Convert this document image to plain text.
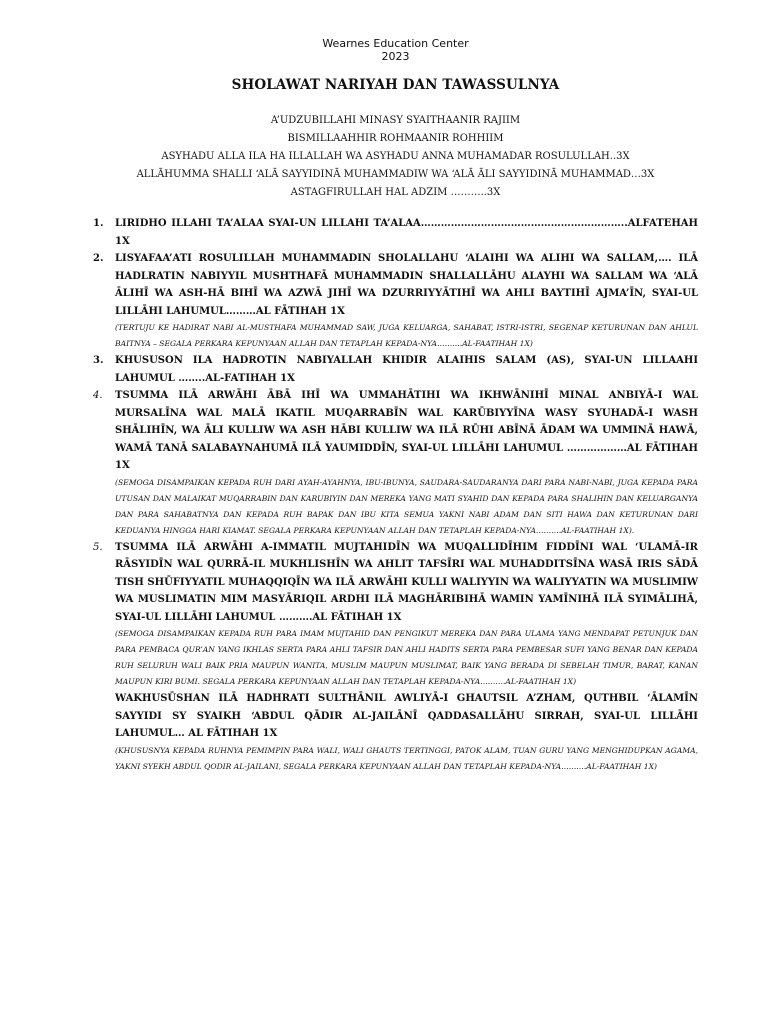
Wearnes Education Center
2023
SHOLAWAT NARIYAH DAN TAWASSULNYA
A’UDZUBILLAHI MINASY SYAITHAANIR RAJIIM
BISMILLAAHHIR ROHMAANIR ROHHIIM
ASYHADU ALLA ILA HA ILLALLAH WA ASYHADU ANNA MUHAMADAR ROSULULLAH..3X
ALLĀHUMMA SHALLI ‘ALĀ SAYYIDINĀ MUHAMMADIW WA ‘ALĀ ĀLI SAYYIDINĀ MUHAMMAD…3X
ASTAGFIRULLAH HAL ADZIM ………..3X
1. LIRIDHO ILLAHI TA’ALAA SYAI-UN LILLAHI TA’ALAA……………………………………………………..ALFATEHAH 1X
2. LISYAFAA’ATI ROSULILLAH MUHAMMADIN SHOLALLAHU ‘ALAIHI WA ALIHI WA SALLAM,…. ILĀ HADLRATIN NABIYYIL MUSHTHAFĀ MUHAMMADIN SHALLALLĀHU ALAYHI WA SALLAM WA ‘ALĀ ĀLIHĪ WA ASH-HĀ BIHĪ WA AZWĀ JIHĪ WA DZURRIYYĀTIHĪ WA AHLI BAYTIHĪ AJMA’ĪN, SYAI-UL LILLĀHI LAHUMUL………AL FĀTIHAH 1X
(TERTUJU KE HADIRAT NABI AL-MUSTHAFA MUHAMMAD SAW, JUGA KELUARGA, SAHABAT, ISTRI-ISTRI, SEGENAP KETURUNAN DAN AHLUL BAITNYA – SEGALA PERKARA KEPUNYAAN ALLAH DAN TETAPLAH KEPADA-NYA……….AL-FAATIHAH 1X)
3. KHUSUSON ILA HADROTIN NABIYALLAH KHIDIR ALAIHIS SALAM (AS), SYAI-UN LILLAAHI LAHUMUL ……..AL-FATIHAH 1X
4. TSUMMA ILĀ ARWĀHI ĀBĀ IHĪ WA UMMAHĀTIHI WA IKHWĀNIHĪ MINAL ANBIYĀ-I WAL MURSALĪNA WAL MALĀ IKATIL MUQARRABĪN WAL KARŪBIYYĪNA WASY SYUHADĀ-I WASH SHĀLIHĪN, WA ĀLI KULLIW WA ASH HĀBI KULLIW WA ILĀ RŪHI ABĪNĀ ĀDAM WA UMMINĀ HAWĀ, WAMĀ TANĀ SALABAYNAHUMĀ ILĀ YAUMIDDĪN, SYAI-UL LILLĀHI LAHUMUL ………………AL FĀTIHAH 1X
(SEMOGA DISAMPAIKAN KEPADA RUH DARI AYAH-AYAHNYA, IBU-IBUNYA, SAUDARA-SAUDARANYA DARI PARA NABI-NABI, JUGA KEPADA PARA UTUSAN DAN MALAIKAT MUQARRABIN DAN KARUBIYIN DAN MEREKA YANG MATI SYAHID DAN KEPADA PARA SHALIHIN DAN KELUARGANYA DAN PARA SAHABATNYA DAN KEPADA RUH BAPAK DAN IBU KITA SEMUA YAKNI NABI ADAM DAN SITI HAWA DAN KETURUNAN DARI KEDUANYA HINGGA HARI KIAMAT. SEGALA PERKARA KEPUNYAAN ALLAH DAN TETAPLAH KEPADA-NYA……….AL-FAATIHAH 1X).
5. TSUMMA ILĀ ARWĀHI A-IMMATIL MUJTAHIDĪN WA MUQALLIDĪHIM FIDDĪNI WAL ‘ULAMĀ-IR RĀSYIDĪN WAL QURRĀ-IL MUKHLISHĪN WA AHLIT TAFSĪRI WAL MUHADDITSĪNA WASĀ IRIS SĀDĀ TISH SHŪFIYYATIL MUHAQQIQĪN WA ILĀ ARWĀHI KULLI WALIYYIN WA WALIYYATIN WA MUSLIMIW WA MUSLIMATIN MIM MASYĀRIQIL ARDHI ILĀ MAGHĀRIBIHĀ WAMIN YAMĪNIHĀ ILĀ SYIMĀLIHĀ, SYAI-UL LILLĀHI LAHUMUL ……….AL FĀTIHAH 1X
(SEMOGA DISAMPAIKAN KEPADA RUH PARA IMAM MUJTAHID DAN PENGIKUT MEREKA DAN PARA ULAMA YANG MENDAPAT PETUNJUK DAN PARA PEMBACA QUR’AN YANG IKHLAS SERTA PARA AHLI TAFSIR DAN AHLI HADITS SERTA PARA PEMBESAR SUFI YANG BENAR DAN KEPADA RUH SELURUH WALI BAIK PRIA MAUPUN WANITA, MUSLIM MAUPUN MUSLIMAT, BAIK YANG BERADA DI SEBELAH TIMUR, BARAT, KANAN MAUPUN KIRI BUMI. SEGALA PERKARA KEPUNYAAN ALLAH DAN TETAPLAH KEPADA-NYA……….AL-FAATIHAH 1X)
WAKHUSŪSHAN ILĀ HADHRATI SULTHĀNIL AWLIYĀ-I GHAUTSIL A’ZHAM, QUTHBIL ‘ĀLAMĪN SAYYIDI SY SYAIKH ‘ABDUL QĀDIR AL-JAILĀNĪ QADDASALLĀHU SIRRAH, SYAI-UL LILLĀHI LAHUMUL… AL FĀTIHAH 1X
(KHUSUSNYA KEPADA RUHNYA PEMIMPIN PARA WALI, WALI GHAUTS TERTINGGI, PATOK ALAM, TUAN GURU YANG MENGHIDUPKAN AGAMA, YAKNI SYEKH ABDUL QODIR AL-JAILANI, SEGALA PERKARA KEPUNYAAN ALLAH DAN TETAPLAH KEPADA-NYA……….AL-FAATIHAH 1X)
